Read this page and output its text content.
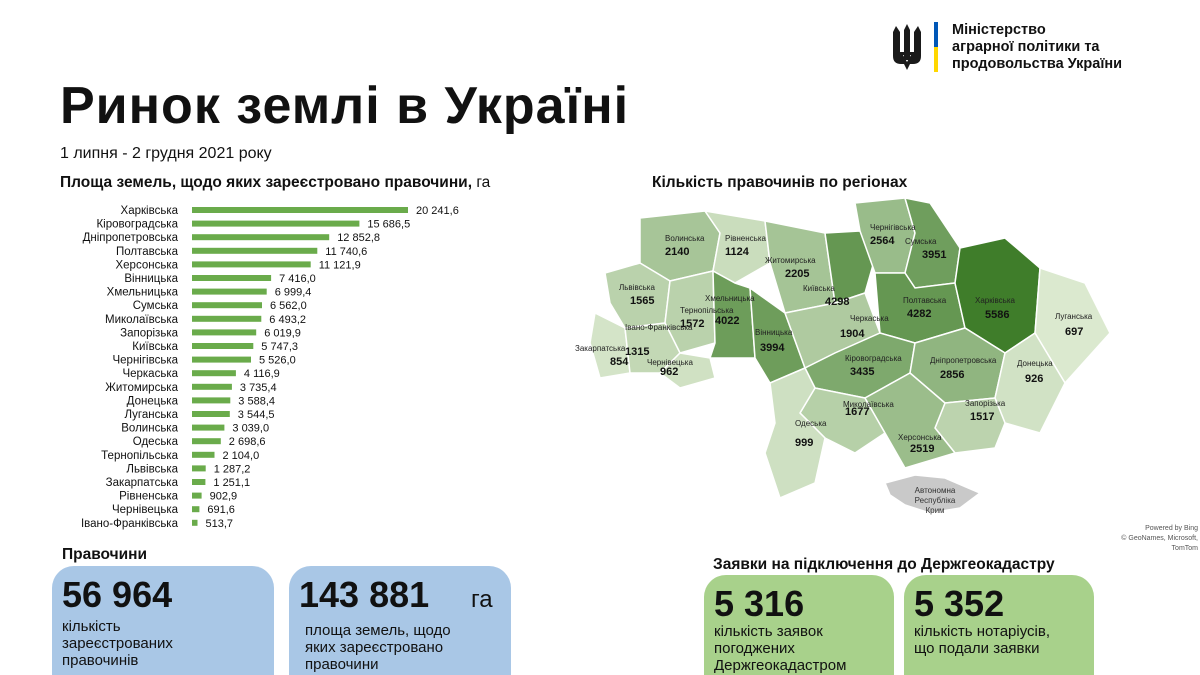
Міністерство
аграрної політики та
продовольства України
Ринок землі в Україні
1 липня - 2 грудня 2021 року
Площа земель, щодо яких зареєстровано правочини, га
Харківська	20 241,6
Кіровоградська	15 686,5
Дніпропетровська	12 852,8
Полтавська	11 740,6
Херсонська	11 121,9
Вінницька	7 416,0
Хмельницька	6 999,4
Сумська	6 562,0
Миколаївська	6 493,2
Запорізька	6 019,9
Київська	5 747,3
Чернігівська	5 526,0
Черкаська	4 116,9
Житомирська	3 735,4
Донецька	3 588,4
Луганська	3 544,5
Волинська	3 039,0
Одеська	2 698,6
Тернопільська	2 104,0
Львівська	1 287,2
Закарпатська	1 251,1
Рівненська	902,9
Чернівецька	691,6
Івано-Франківська	513,7
Кількість правочинів по регіонах
Волинська
2140
Рівненська
1124
Житомирська
2205
Київська
4298
Чернігівська
2564 Сумська
3951
Львівська
1565
Тернопільська
1572
Хмельницька
4022
Вінницька
3994
Черкаська
1904
Полтавська
4282
Харківська
5586	Луганська
697
Закарпатська
854
Івано-Франківська
1315
Чернівецька
962
Кіровоградська
3435
Дніпропетровська
2856
Донецька
926
Миколаївська
1677
Одеська
999
Запорізька
1517
Херсонська
2519
Автономна Республіка Крим
Powered by Bing
© GeoNames, Microsoft, TomTom
Правочини
56 964
кількість
зареєстрованих
правочинів
143 881 га
площа земель, щодо
яких зареєстровано
правочини
Заявки на підключення до Держгеокадастру
5 316
кількість заявок
погоджених
Держгеокадастром
5 352
кількість нотаріусів,
що подали заявки
